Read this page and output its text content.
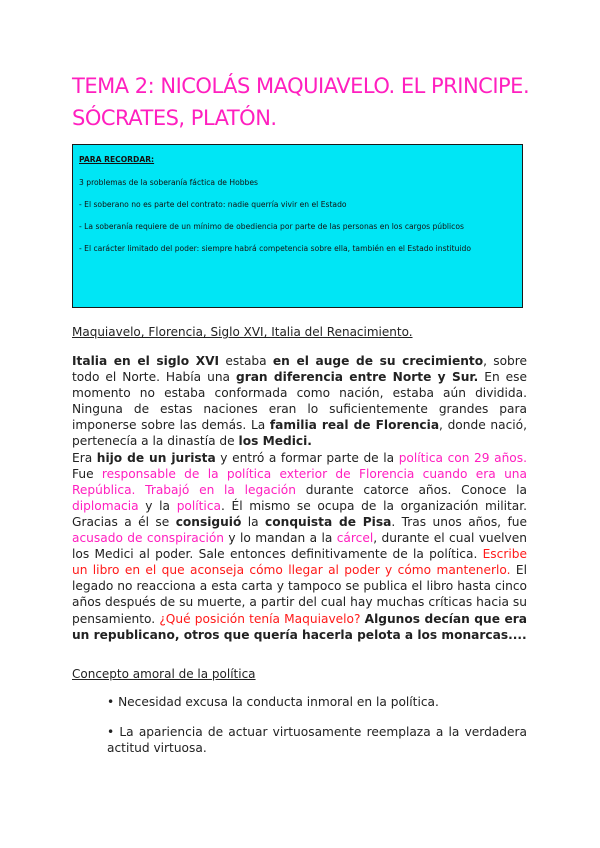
TEMA 2: NICOLÁS MAQUIAVELO. EL PRINCIPE. SÓCRATES, PLATÓN.
PARA RECORDAR:

3 problemas de la soberanía fáctica de Hobbes

- El soberano no es parte del contrato: nadie querría vivir en el Estado

- La soberanía requiere de un mínimo de obediencia por parte de las personas en los cargos públicos

- El carácter limitado del poder: siempre habrá competencia sobre ella, también en el Estado instituido

Maquiavelo, Florencia, Siglo XVI, Italia del Renacimiento.

Italia en el siglo XVI estaba en el auge de su crecimiento, sobre todo el Norte. Había una gran diferencia entre Norte y Sur. En ese momento no estaba conformada como nación, estaba aún dividida. Ninguna de estas naciones eran lo suficientemente grandes para imponerse sobre las demás. La familia real de Florencia, donde nació, pertenecía a la dinastía de los Medici.

Era hijo de un jurista y entró a formar parte de la política con 29 años. Fue responsable de la política exterior de Florencia cuando era una República. Trabajó en la legación durante catorce años. Conoce la diplomacia y la política. Él mismo se ocupa de la organización militar. Gracias a él se consiguió la conquista de Pisa. Tras unos años, fue acusado de conspiración y lo mandan a la cárcel, durante el cual vuelven los Medici al poder. Sale entonces definitivamente de la política. Escribe un libro en el que aconseja cómo llegar al poder y cómo mantenerlo. El legado no reacciona a esta carta y tampoco se publica el libro hasta cinco años después de su muerte, a partir del cual hay muchas críticas hacia su pensamiento. ¿Qué posición tenía Maquiavelo? Algunos decían que era un republicano, otros que quería hacerla pelota a los monarcas....

Concepto amoral de la política

• Necesidad excusa la conducta inmoral en la política.

• La apariencia de actuar virtuosamente reemplaza a la verdadera actitud virtuosa.
